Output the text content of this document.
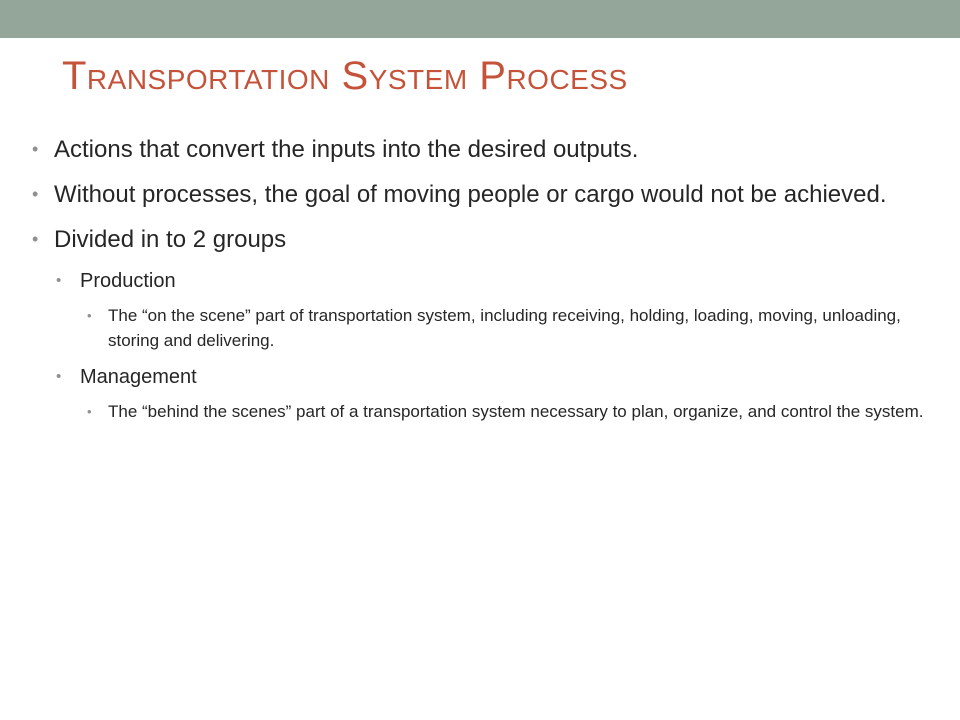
Transportation System Process
• Actions that convert the inputs into the desired outputs.
• Without processes, the goal of moving people or cargo would not be achieved.
• Divided in to 2 groups
• Production
• The “on the scene” part of transportation system, including receiving, holding, loading, moving, unloading, storing and delivering.
• Management
• The “behind the scenes” part of a transportation system necessary to plan, organize, and control the system.
